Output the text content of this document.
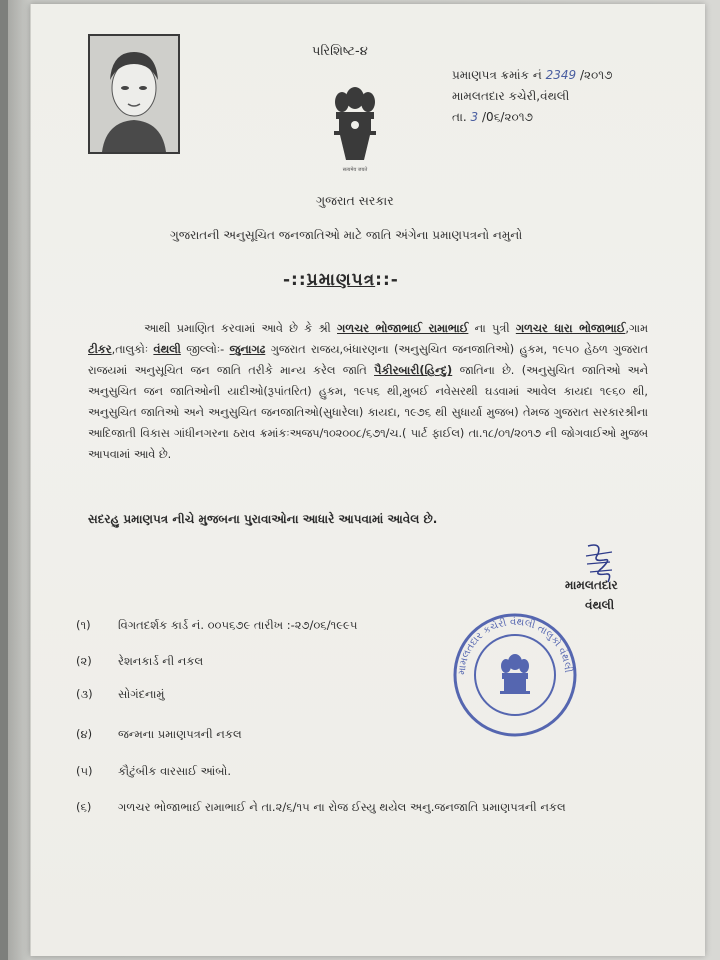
પરિશિષ્ટ-૪
પ્રમાણપત્ર ક્રમાંક નં 2349 /૨૦૧૭
મામલતદાર કચેરી,વંથલી
તા. 3 /0૬/૨૦૧૭
सत्यमेव जयते
ગુજરાત સરકાર
ગુજરાતની અનુસૂચિત જનજાતિઓ માટે જાતિ અંગેના પ્રમાણપત્રનો નમુનો
-::પ્રમાણપત્ર::-
આથી પ્રમાણિત કરવામાં આવે છે કે શ્રી ગળચર ભોજાભાઈ રામાભાઈ ના પુત્રી ગળચર ધારા ભોજાભાઈ,ગામ ટીકર,તાલુકોઃ વંથલી જીલ્લોઃ- જુનાગઢ ગુજરાત રાજય,બંધારણના (અનુસુચિત જનજાતિઓ) હુકમ, ૧૯૫૦ હેઠળ ગુજરાત રાજયમાં અનુસૂચિત જન જાતિ તરીકે માન્ય કરેલ જાતિ પૈકીરબારી(હિન્દુ) જાતિના છે. (અનુસુચિત જાતિઓ અને અનુસુચિત જન જાતિઓની યાદીઓ(રૂપાંતરિત) હુકમ, ૧૯૫૬ થી,મુબઈ નવેસરથી ઘડવામાં આવેલ કાયદા ૧૯૬૦ થી, અનુસુચિત જાતિઓ અને અનુસુચિત જનજાતિઓ(સુધારેલા) કાયદા, ૧૯૭૬ થી સુધાર્યા મુજબ) તેમજ ગુજરાત સરકારશ્રીના આદિજાતી વિકાસ ગાંધીનગરના ઠરાવ ક્રમાંકઃઅજપ/૧૦૨૦૦૮/૬૭૧/ચ.( પાર્ટ ફાઈલ) તા.૧૮/૦૧/૨૦૧૭ ની જોગવાઈઓ મુજબ આપવામાં આવે છે.
સદરહુ પ્રમાણપત્ર નીચે મુજબના પુરાવાઓના આધારે આપવામાં આવેલ છે.
મામલતદાર
વંથલી
મામલતદાર કચેરી વંથલી તાલુકો વંથલી
(૧) વિગતદર્શક કાર્ડ નં. ૦૦૫૬૭૯ તારીખ :-૨૭/૦૬/૧૯૯૫
(૨) રેશનકાર્ડ ની નકલ
(૩) સોગંદનામું
(૪) જન્મના પ્રમાણપત્રની નકલ
(૫) કૌટુંબીક વારસાઈ આંબો.
(૬) ગળચર ભોજાભાઈ રામાભાઈ ને તા.૨/૬/૧૫ ના રોજ ઈસ્યુ થયેલ અનુ.જનજાતિ પ્રમાણપત્રની નકલ
